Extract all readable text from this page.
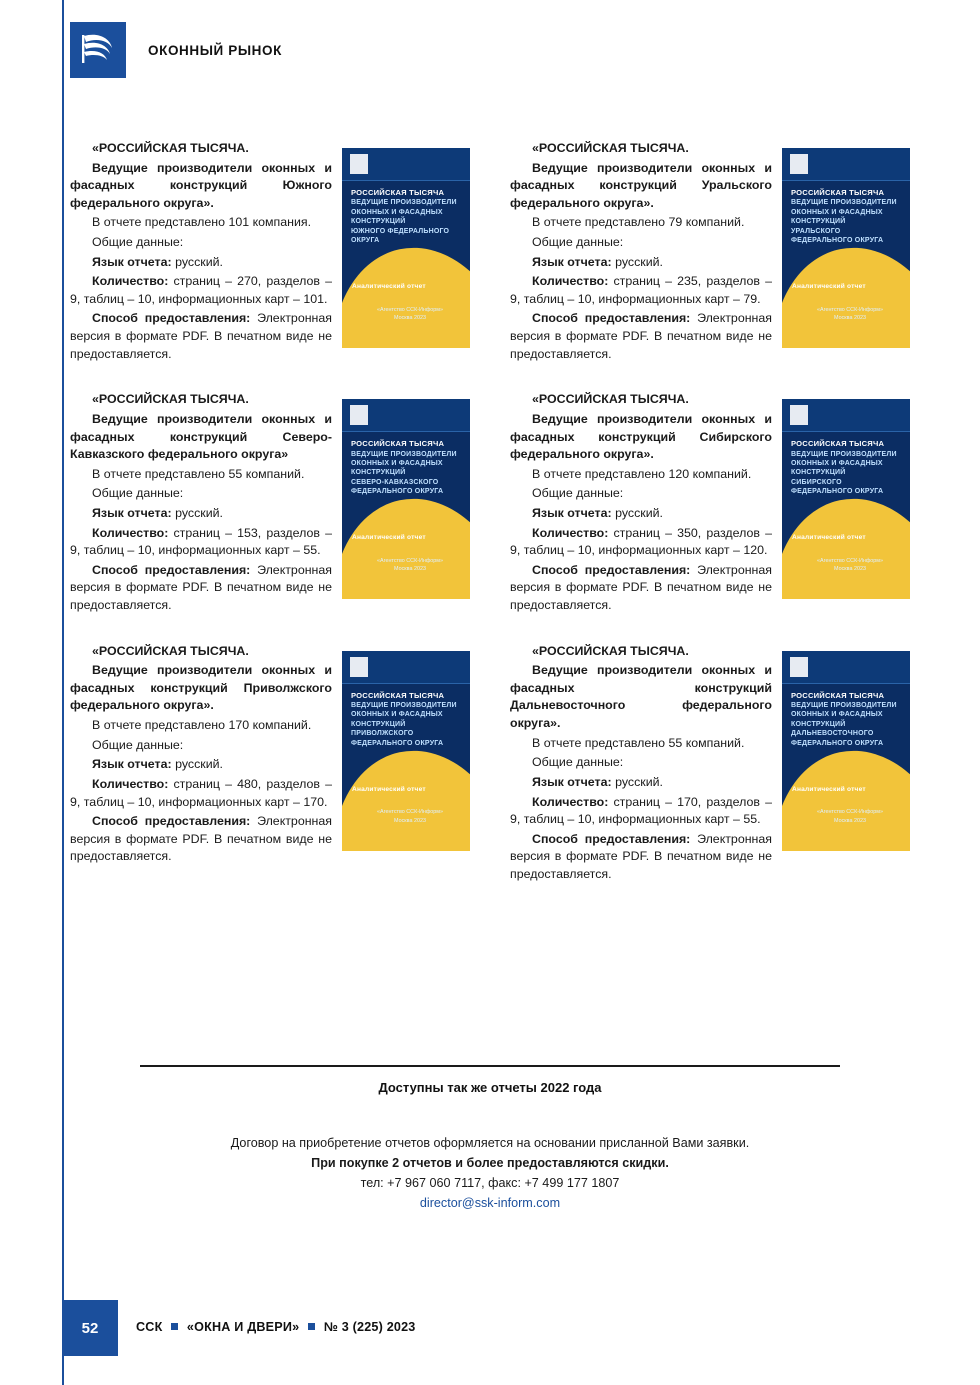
ОКОННЫЙ РЫНОК
РОССИЙСКАЯ ТЫСЯЧА
ВЕДУЩИЕ ПРОИЗВОДИТЕЛИ
ОКОННЫХ И ФАСАДНЫХ КОНСТРУКЦИЙ
ЮЖНОГО ФЕДЕРАЛЬНОГО ОКРУГА
Аналитический отчет
«Агентство ССК-Информ» Москва 2023

«РОССИЙСКАЯ ТЫСЯЧА.

Ведущие производители оконных и фасадных конструкций Южного федерального округа».

В отчете представлено 101 компания.

Общие данные:

Язык отчета: русский.

Количество: страниц – 270, разделов – 9, таблиц – 10, информационных карт – 101.

Способ предоставления: Электронная версия в формате PDF. В печатном виде не предоставляется.

РОССИЙСКАЯ ТЫСЯЧА
ВЕДУЩИЕ ПРОИЗВОДИТЕЛИ
ОКОННЫХ И ФАСАДНЫХ КОНСТРУКЦИЙ
УРАЛЬСКОГО ФЕДЕРАЛЬНОГО ОКРУГА
Аналитический отчет
«Агентство ССК-Информ» Москва 2023

«РОССИЙСКАЯ ТЫСЯЧА.

Ведущие производители оконных и фасадных конструкций Уральского федерального округа».

В отчете представлено 79 компаний.

Общие данные:

Язык отчета: русский.

Количество: страниц – 235, разделов – 9, таблиц – 10, информационных карт – 79.

Способ предоставления: Электронная версия в формате PDF. В печатном виде не предоставляется.

РОССИЙСКАЯ ТЫСЯЧА
ВЕДУЩИЕ ПРОИЗВОДИТЕЛИ
ОКОННЫХ И ФАСАДНЫХ КОНСТРУКЦИЙ
СЕВЕРО-КАВКАЗСКОГО ФЕДЕРАЛЬНОГО ОКРУГА
Аналитический отчет
«Агентство ССК-Информ» Москва 2023

«РОССИЙСКАЯ ТЫСЯЧА.

Ведущие производители оконных и фасадных конструкций Северо-Кавказского федерального округа»

В отчете представлено 55 компаний.

Общие данные:

Язык отчета: русский.

Количество: страниц – 153, разделов – 9, таблиц – 10, информационных карт – 55.

Способ предоставления: Электронная версия в формате PDF. В печатном виде не предоставляется.

РОССИЙСКАЯ ТЫСЯЧА
ВЕДУЩИЕ ПРОИЗВОДИТЕЛИ
ОКОННЫХ И ФАСАДНЫХ КОНСТРУКЦИЙ
СИБИРСКОГО ФЕДЕРАЛЬНОГО ОКРУГА
Аналитический отчет
«Агентство ССК-Информ» Москва 2023

«РОССИЙСКАЯ ТЫСЯЧА.

Ведущие производители оконных и фасадных конструкций Сибирского федерального округа».

В отчете представлено 120 компаний.

Общие данные:

Язык отчета: русский.

Количество: страниц – 350, разделов – 9, таблиц – 10, информационных карт – 120.

Способ предоставления: Электронная версия в формате PDF. В печатном виде не предоставляется.

РОССИЙСКАЯ ТЫСЯЧА
ВЕДУЩИЕ ПРОИЗВОДИТЕЛИ
ОКОННЫХ И ФАСАДНЫХ КОНСТРУКЦИЙ
ПРИВОЛЖСКОГО ФЕДЕРАЛЬНОГО ОКРУГА
Аналитический отчет
«Агентство ССК-Информ» Москва 2023

«РОССИЙСКАЯ ТЫСЯЧА.

Ведущие производители оконных и фасадных конструкций Приволжского федерального округа».

В отчете представлено 170 компаний.

Общие данные:

Язык отчета: русский.

Количество: страниц – 480, разделов – 9, таблиц – 10, информационных карт – 170.

Способ предоставления: Электронная версия в формате PDF. В печатном виде не предоставляется.

РОССИЙСКАЯ ТЫСЯЧА
ВЕДУЩИЕ ПРОИЗВОДИТЕЛИ
ОКОННЫХ И ФАСАДНЫХ КОНСТРУКЦИЙ
ДАЛЬНЕВОСТОЧНОГО ФЕДЕРАЛЬНОГО ОКРУГА
Аналитический отчет
«Агентство ССК-Информ» Москва 2023

«РОССИЙСКАЯ ТЫСЯЧА.

Ведущие производители оконных и фасадных конструкций Дальневосточного федерального округа».

В отчете представлено 55 компаний.

Общие данные:

Язык отчета: русский.

Количество: страниц – 170, разделов – 9, таблиц – 10, информационных карт – 55.

Способ предоставления: Электронная версия в формате PDF. В печатном виде не предоставляется.

Доступны так же отчеты 2022 года
Договор на приобретение отчетов оформляется на основании присланной Вами заявки.
При покупке 2 отчетов и более предоставляются скидки.
тел: +7 967 060 7117, факс: +7 499 177 1807
director@ssk-inform.com
52	ССК «ОКНА И ДВЕРИ» № 3 (225) 2023
